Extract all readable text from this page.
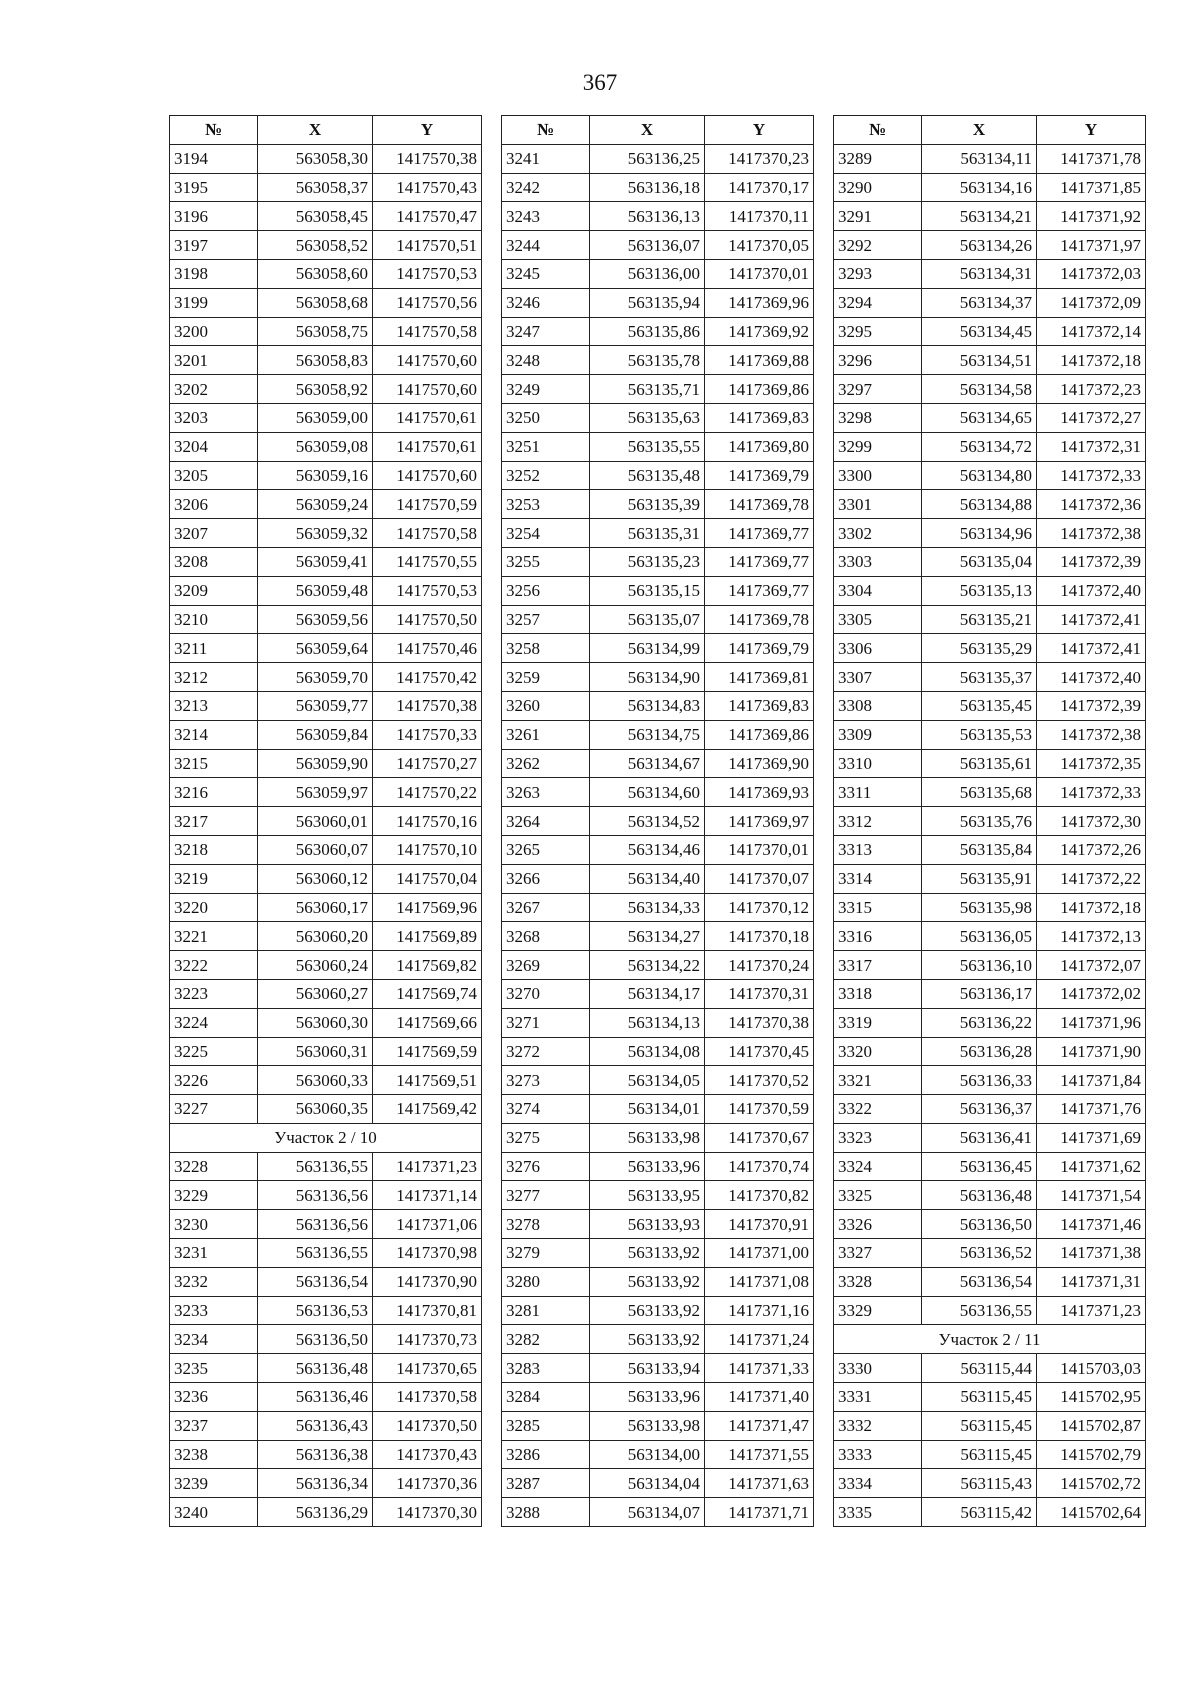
367
№	X	Y
3194	563058,30	1417570,38
3195	563058,37	1417570,43
3196	563058,45	1417570,47
3197	563058,52	1417570,51
3198	563058,60	1417570,53
3199	563058,68	1417570,56
3200	563058,75	1417570,58
3201	563058,83	1417570,60
3202	563058,92	1417570,60
3203	563059,00	1417570,61
3204	563059,08	1417570,61
3205	563059,16	1417570,60
3206	563059,24	1417570,59
3207	563059,32	1417570,58
3208	563059,41	1417570,55
3209	563059,48	1417570,53
3210	563059,56	1417570,50
3211	563059,64	1417570,46
3212	563059,70	1417570,42
3213	563059,77	1417570,38
3214	563059,84	1417570,33
3215	563059,90	1417570,27
3216	563059,97	1417570,22
3217	563060,01	1417570,16
3218	563060,07	1417570,10
3219	563060,12	1417570,04
3220	563060,17	1417569,96
3221	563060,20	1417569,89
3222	563060,24	1417569,82
3223	563060,27	1417569,74
3224	563060,30	1417569,66
3225	563060,31	1417569,59
3226	563060,33	1417569,51
3227	563060,35	1417569,42
Участок 2 / 10		
3228	563136,55	1417371,23
3229	563136,56	1417371,14
3230	563136,56	1417371,06
3231	563136,55	1417370,98
3232	563136,54	1417370,90
3233	563136,53	1417370,81
3234	563136,50	1417370,73
3235	563136,48	1417370,65
3236	563136,46	1417370,58
3237	563136,43	1417370,50
3238	563136,38	1417370,43
3239	563136,34	1417370,36
3240	563136,29	1417370,30
№	X	Y
3241	563136,25	1417370,23
3242	563136,18	1417370,17
3243	563136,13	1417370,11
3244	563136,07	1417370,05
3245	563136,00	1417370,01
3246	563135,94	1417369,96
3247	563135,86	1417369,92
3248	563135,78	1417369,88
3249	563135,71	1417369,86
3250	563135,63	1417369,83
3251	563135,55	1417369,80
3252	563135,48	1417369,79
3253	563135,39	1417369,78
3254	563135,31	1417369,77
3255	563135,23	1417369,77
3256	563135,15	1417369,77
3257	563135,07	1417369,78
3258	563134,99	1417369,79
3259	563134,90	1417369,81
3260	563134,83	1417369,83
3261	563134,75	1417369,86
3262	563134,67	1417369,90
3263	563134,60	1417369,93
3264	563134,52	1417369,97
3265	563134,46	1417370,01
3266	563134,40	1417370,07
3267	563134,33	1417370,12
3268	563134,27	1417370,18
3269	563134,22	1417370,24
3270	563134,17	1417370,31
3271	563134,13	1417370,38
3272	563134,08	1417370,45
3273	563134,05	1417370,52
3274	563134,01	1417370,59
3275	563133,98	1417370,67
3276	563133,96	1417370,74
3277	563133,95	1417370,82
3278	563133,93	1417370,91
3279	563133,92	1417371,00
3280	563133,92	1417371,08
3281	563133,92	1417371,16
3282	563133,92	1417371,24
3283	563133,94	1417371,33
3284	563133,96	1417371,40
3285	563133,98	1417371,47
3286	563134,00	1417371,55
3287	563134,04	1417371,63
3288	563134,07	1417371,71
№	X	Y
3289	563134,11	1417371,78
3290	563134,16	1417371,85
3291	563134,21	1417371,92
3292	563134,26	1417371,97
3293	563134,31	1417372,03
3294	563134,37	1417372,09
3295	563134,45	1417372,14
3296	563134,51	1417372,18
3297	563134,58	1417372,23
3298	563134,65	1417372,27
3299	563134,72	1417372,31
3300	563134,80	1417372,33
3301	563134,88	1417372,36
3302	563134,96	1417372,38
3303	563135,04	1417372,39
3304	563135,13	1417372,40
3305	563135,21	1417372,41
3306	563135,29	1417372,41
3307	563135,37	1417372,40
3308	563135,45	1417372,39
3309	563135,53	1417372,38
3310	563135,61	1417372,35
3311	563135,68	1417372,33
3312	563135,76	1417372,30
3313	563135,84	1417372,26
3314	563135,91	1417372,22
3315	563135,98	1417372,18
3316	563136,05	1417372,13
3317	563136,10	1417372,07
3318	563136,17	1417372,02
3319	563136,22	1417371,96
3320	563136,28	1417371,90
3321	563136,33	1417371,84
3322	563136,37	1417371,76
3323	563136,41	1417371,69
3324	563136,45	1417371,62
3325	563136,48	1417371,54
3326	563136,50	1417371,46
3327	563136,52	1417371,38
3328	563136,54	1417371,31
3329	563136,55	1417371,23
Участок 2 / 11		
3330	563115,44	1415703,03
3331	563115,45	1415702,95
3332	563115,45	1415702,87
3333	563115,45	1415702,79
3334	563115,43	1415702,72
3335	563115,42	1415702,64
